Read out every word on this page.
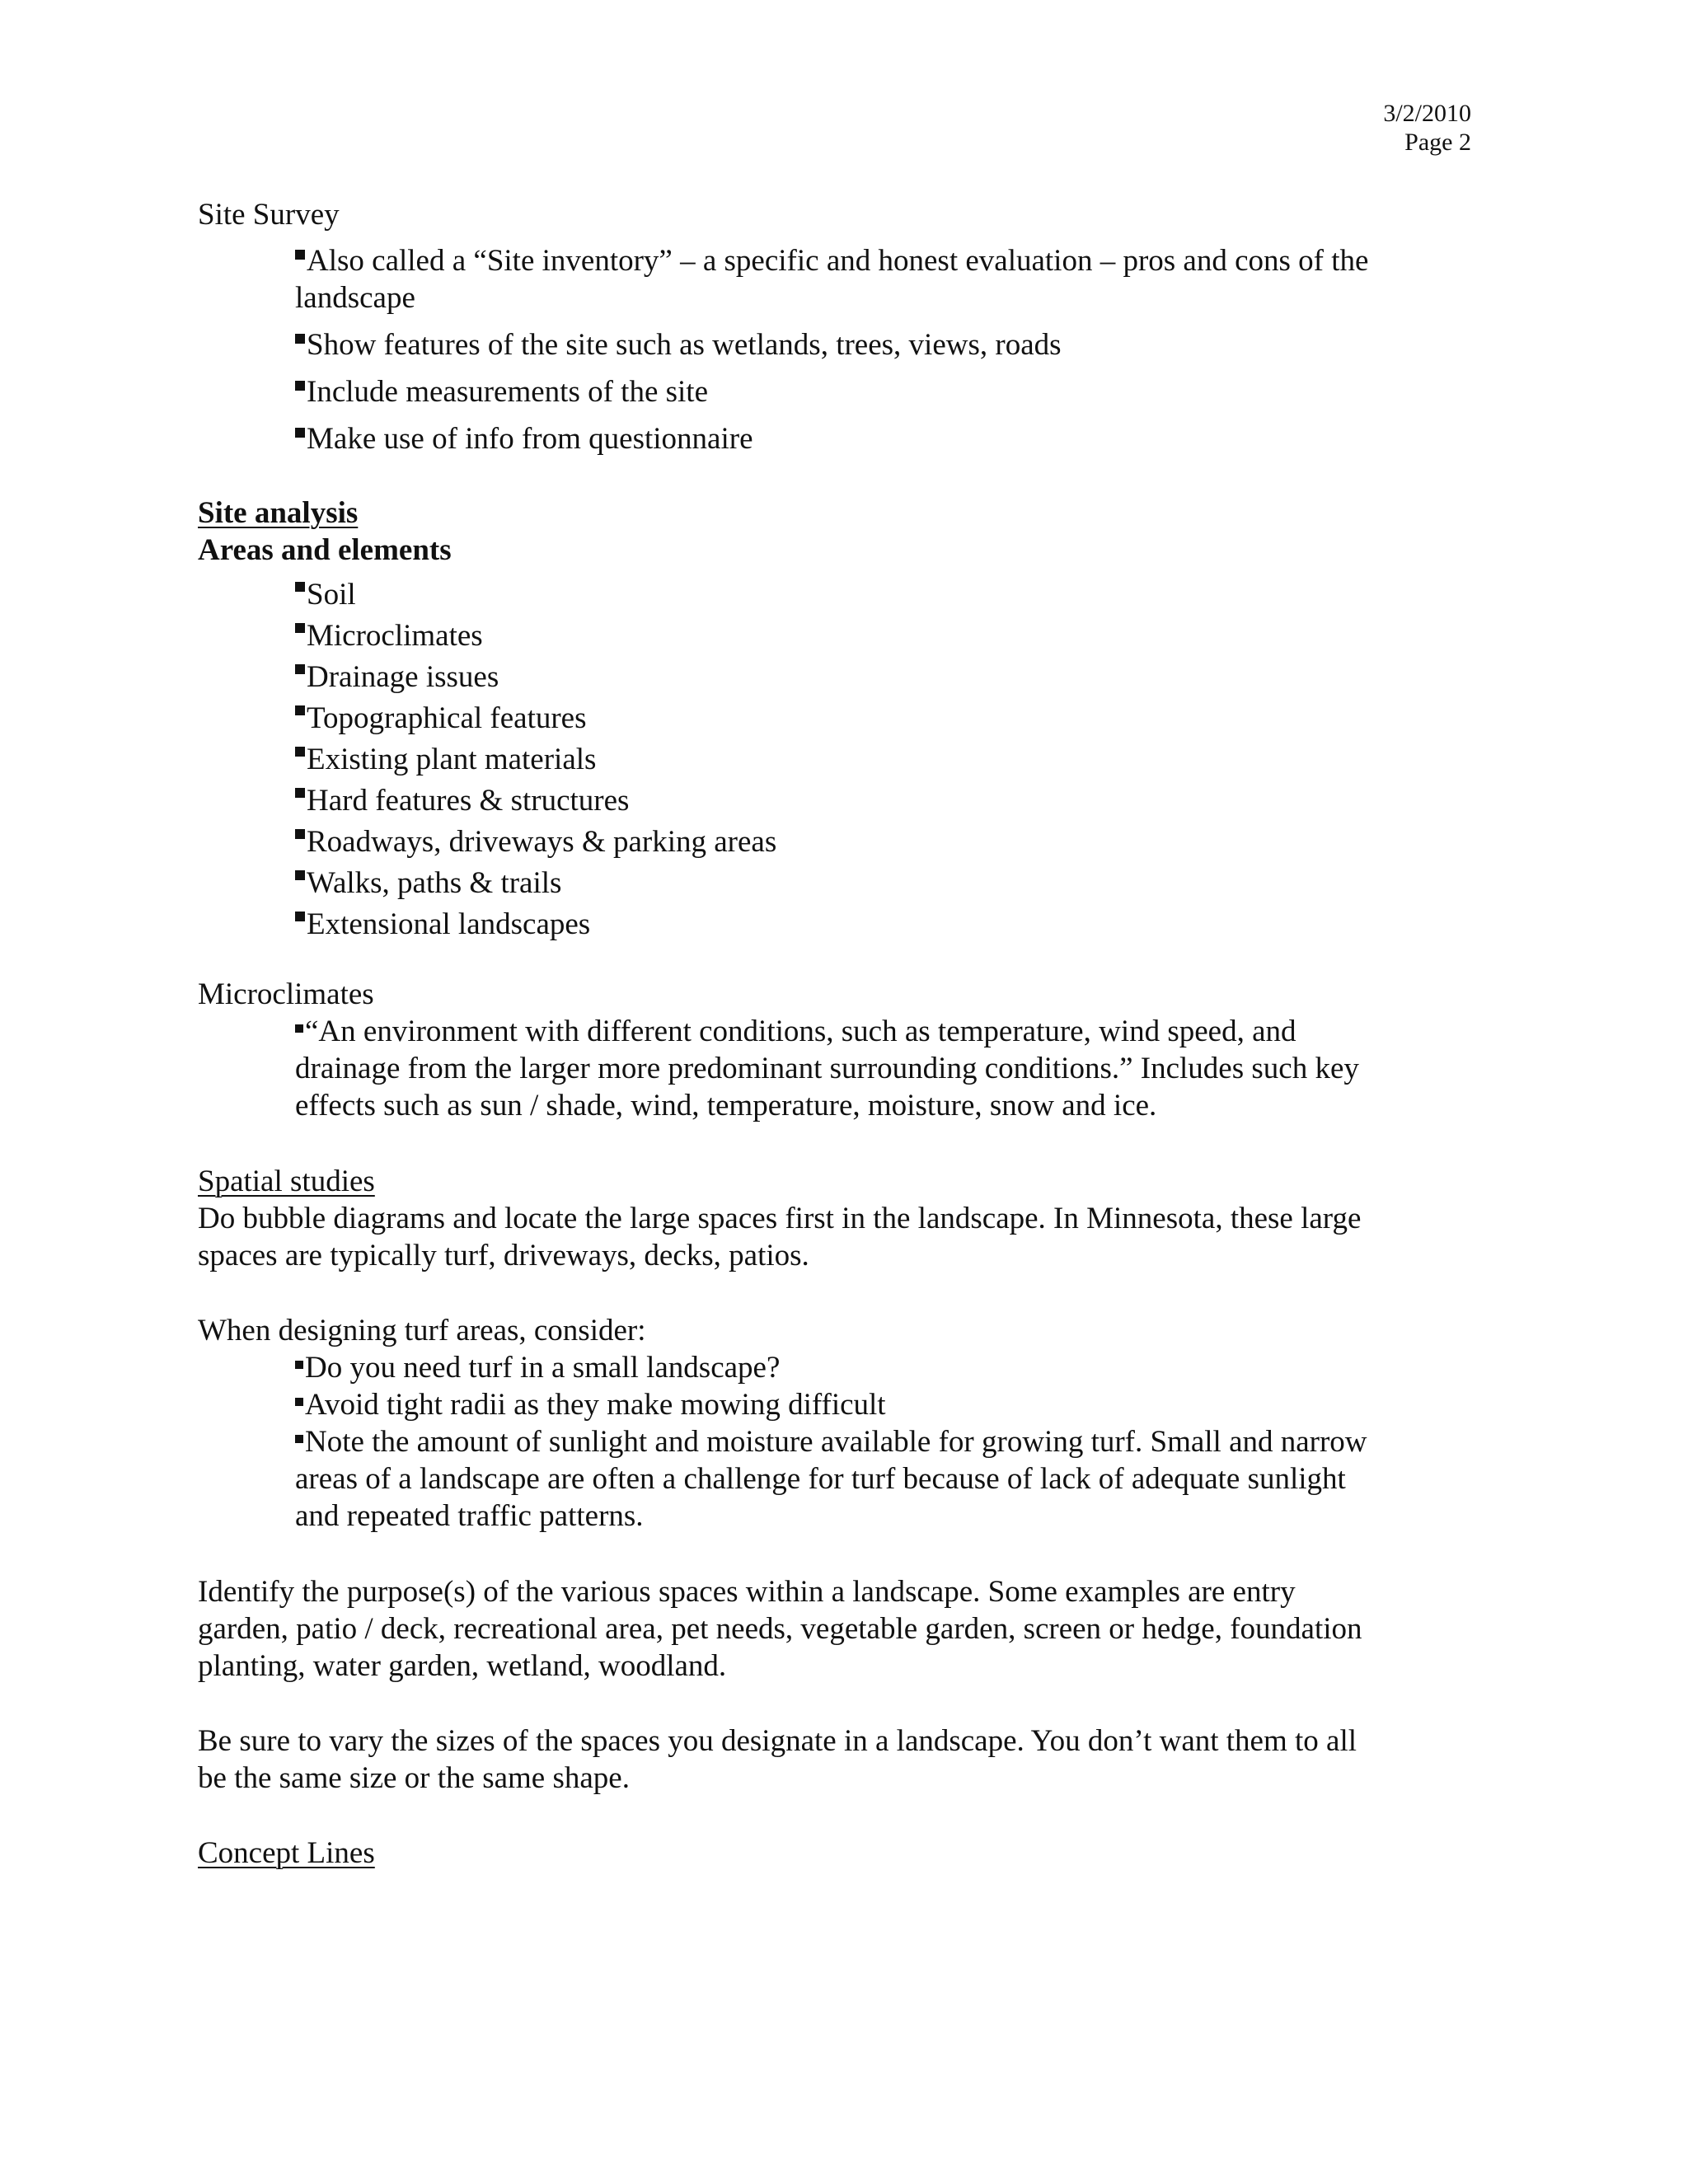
3/2/2010
Page 2
Site Survey
Also called a “Site inventory” – a specific and honest evaluation – pros and cons of the
landscape
Show features of the site such as wetlands, trees, views, roads
Include measurements of the site
Make use of info from questionnaire
Site analysis
Areas and elements
Soil
Microclimates
Drainage issues
Topographical features
Existing plant materials
Hard features & structures
Roadways, driveways & parking areas
Walks, paths & trails
Extensional landscapes
Microclimates
“An environment with different conditions, such as temperature, wind speed, and
drainage from the larger more predominant surrounding conditions.” Includes such key
effects such as sun / shade, wind, temperature, moisture, snow and ice.
Spatial studies
Do bubble diagrams and locate the large spaces first in the landscape. In Minnesota, these large
spaces are typically turf, driveways, decks, patios.
When designing turf areas, consider:
Do you need turf in a small landscape?
Avoid tight radii as they make mowing difficult
Note the amount of sunlight and moisture available for growing turf. Small and narrow
areas of a landscape are often a challenge for turf because of lack of adequate sunlight
and repeated traffic patterns.
Identify the purpose(s) of the various spaces within a landscape. Some examples are entry
garden, patio / deck, recreational area, pet needs, vegetable garden, screen or hedge, foundation
planting, water garden, wetland, woodland.
Be sure to vary the sizes of the spaces you designate in a landscape. You don’t want them to all
be the same size or the same shape.
Concept Lines
